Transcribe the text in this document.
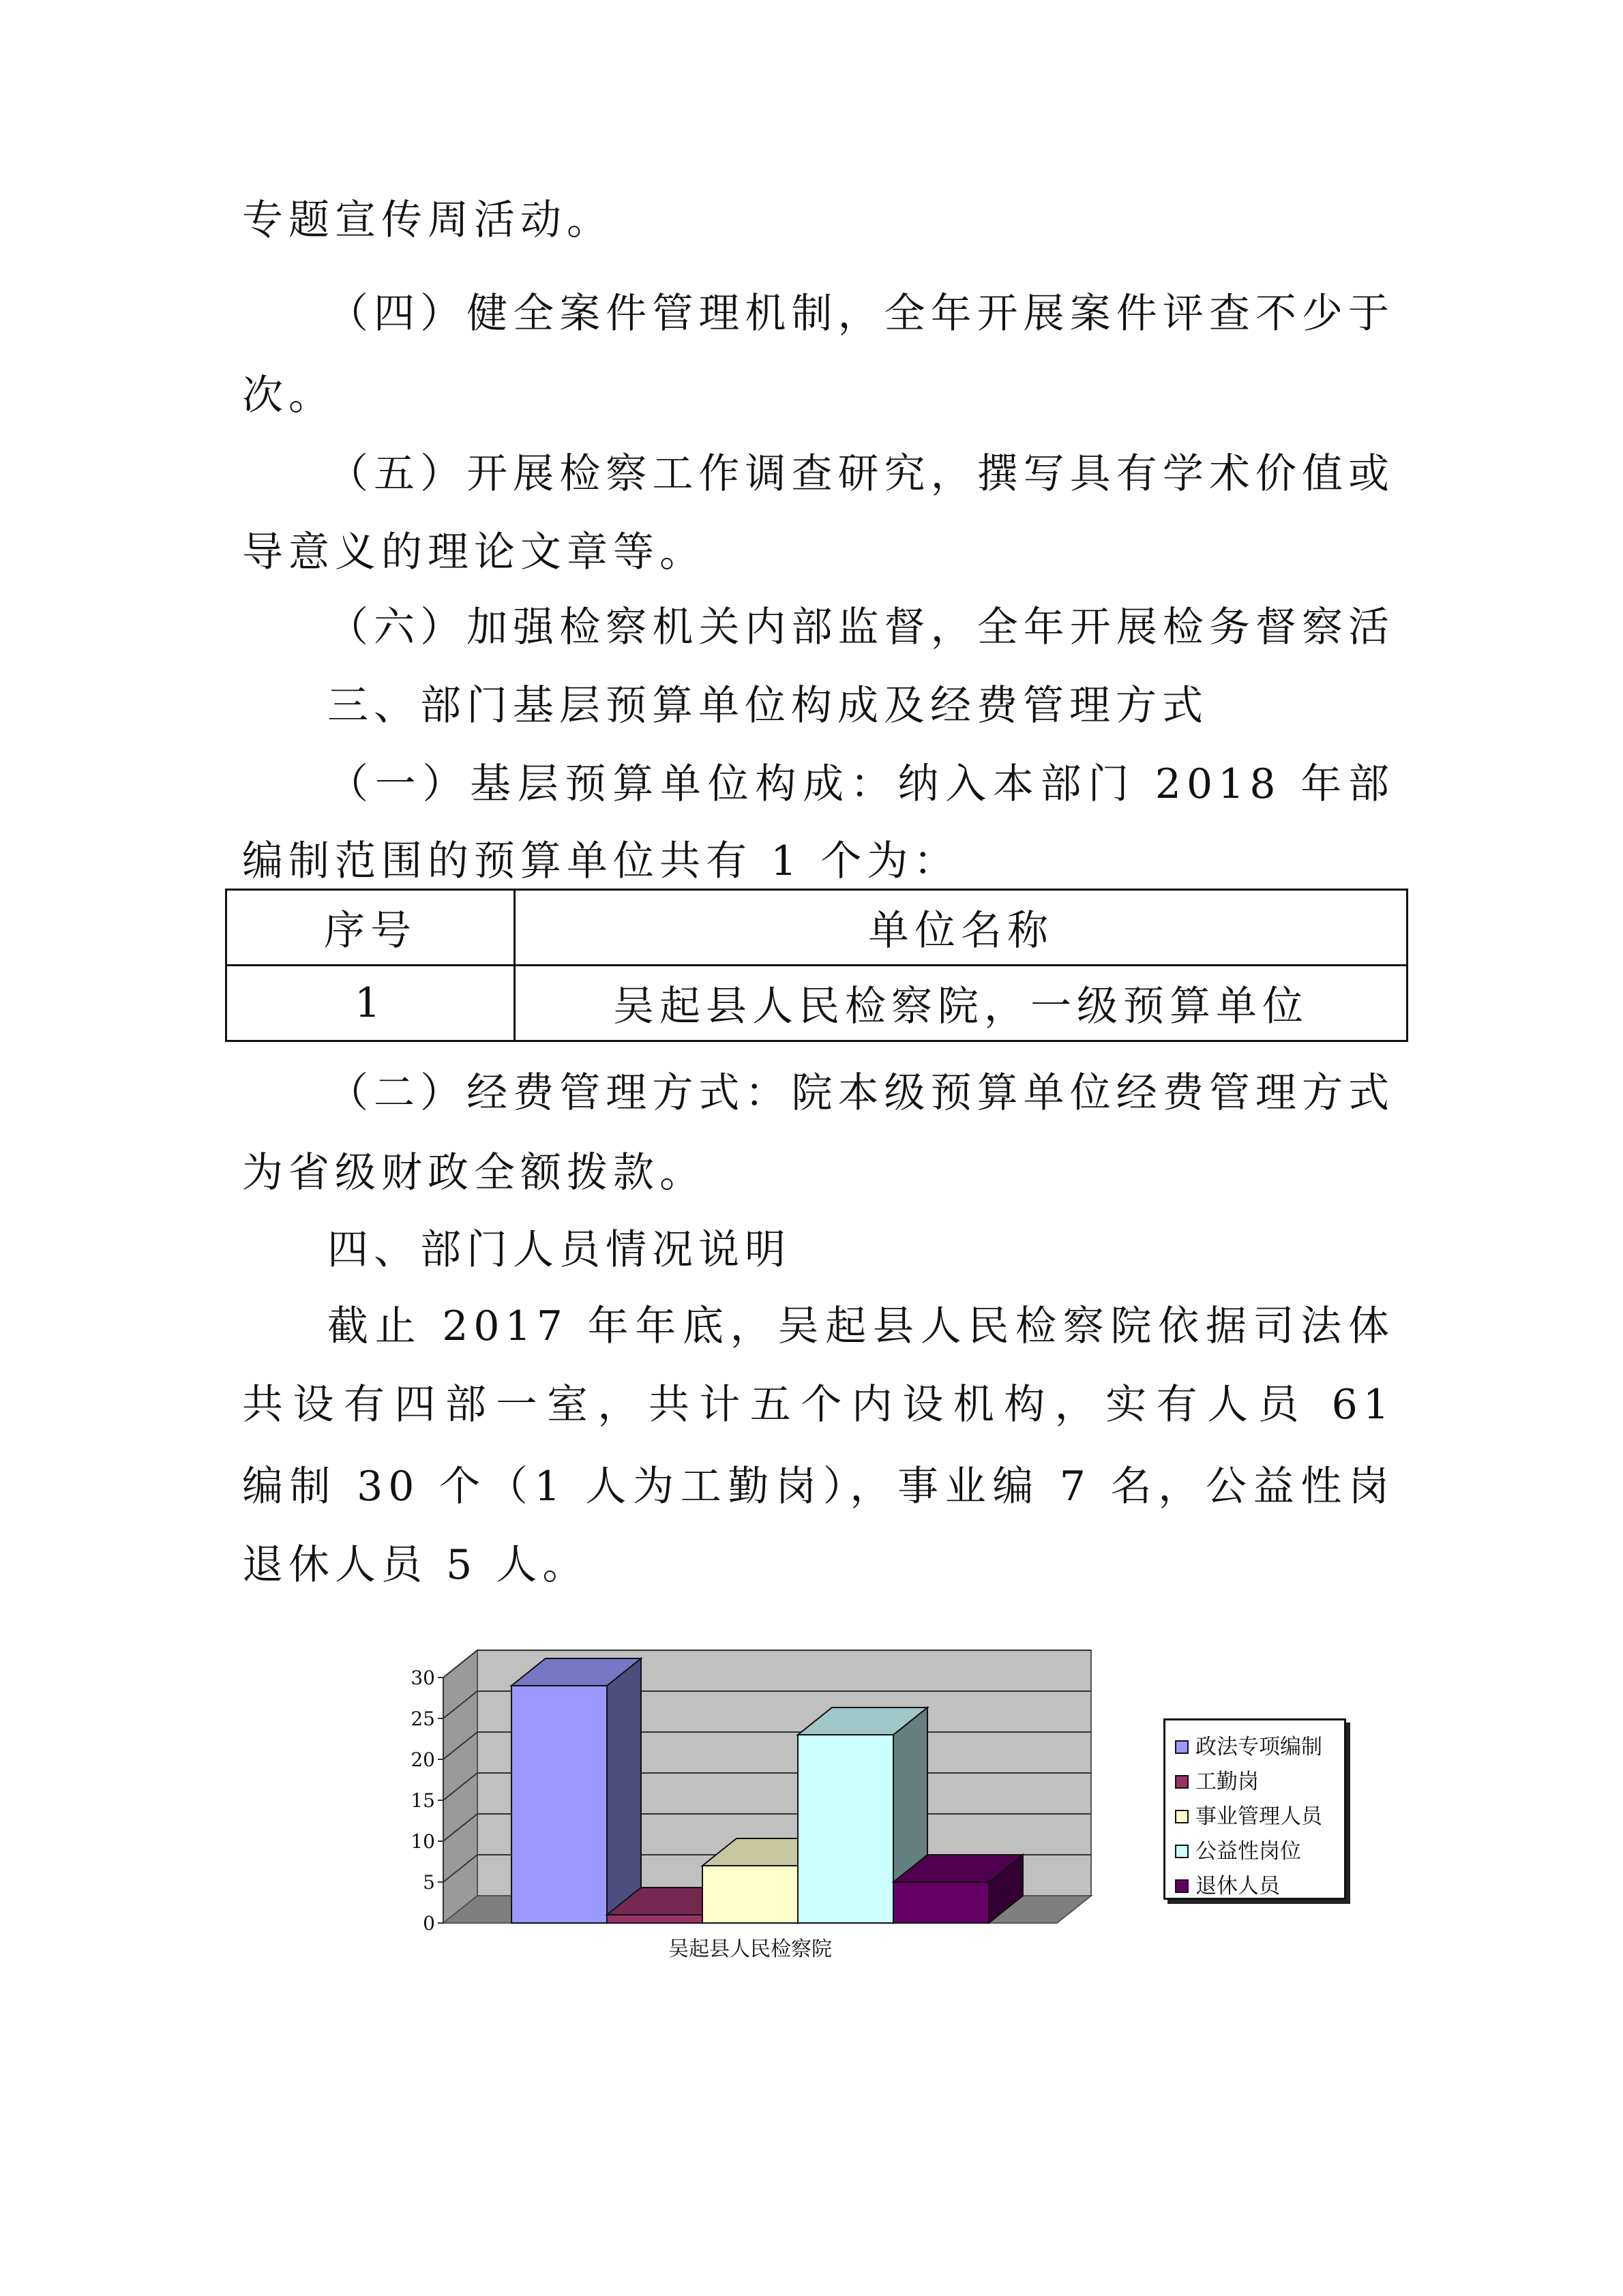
专题宣传周活动。
（四）健全案件管理机制，全年开展案件评查不少于
次。
（五）开展检察工作调查研究，撰写具有学术价值或
导意义的理论文章等。
（六）加强检察机关内部监督，全年开展检务督察活
三、部门基层预算单位构成及经费管理方式
（一）基层预算单位构成：纳入本部门 2018 年部
编制范围的预算单位共有 1 个为：
序号	单位名称
1	吴起县人民检察院，一级预算单位
（二）经费管理方式：院本级预算单位经费管理方式
为省级财政全额拨款。
四、部门人员情况说明
截止 2017 年年底，吴起县人民检察院依据司法体
共设有四部一室，共计五个内设机构，实有人员 61
编制 30 个（1 人为工勤岗），事业编 7 名，公益性岗
退休人员 5 人。
0
5
10
15
20
25
30
吴起县人民检察院
政法专项编制
工勤岗
事业管理人员
公益性岗位
退休人员
